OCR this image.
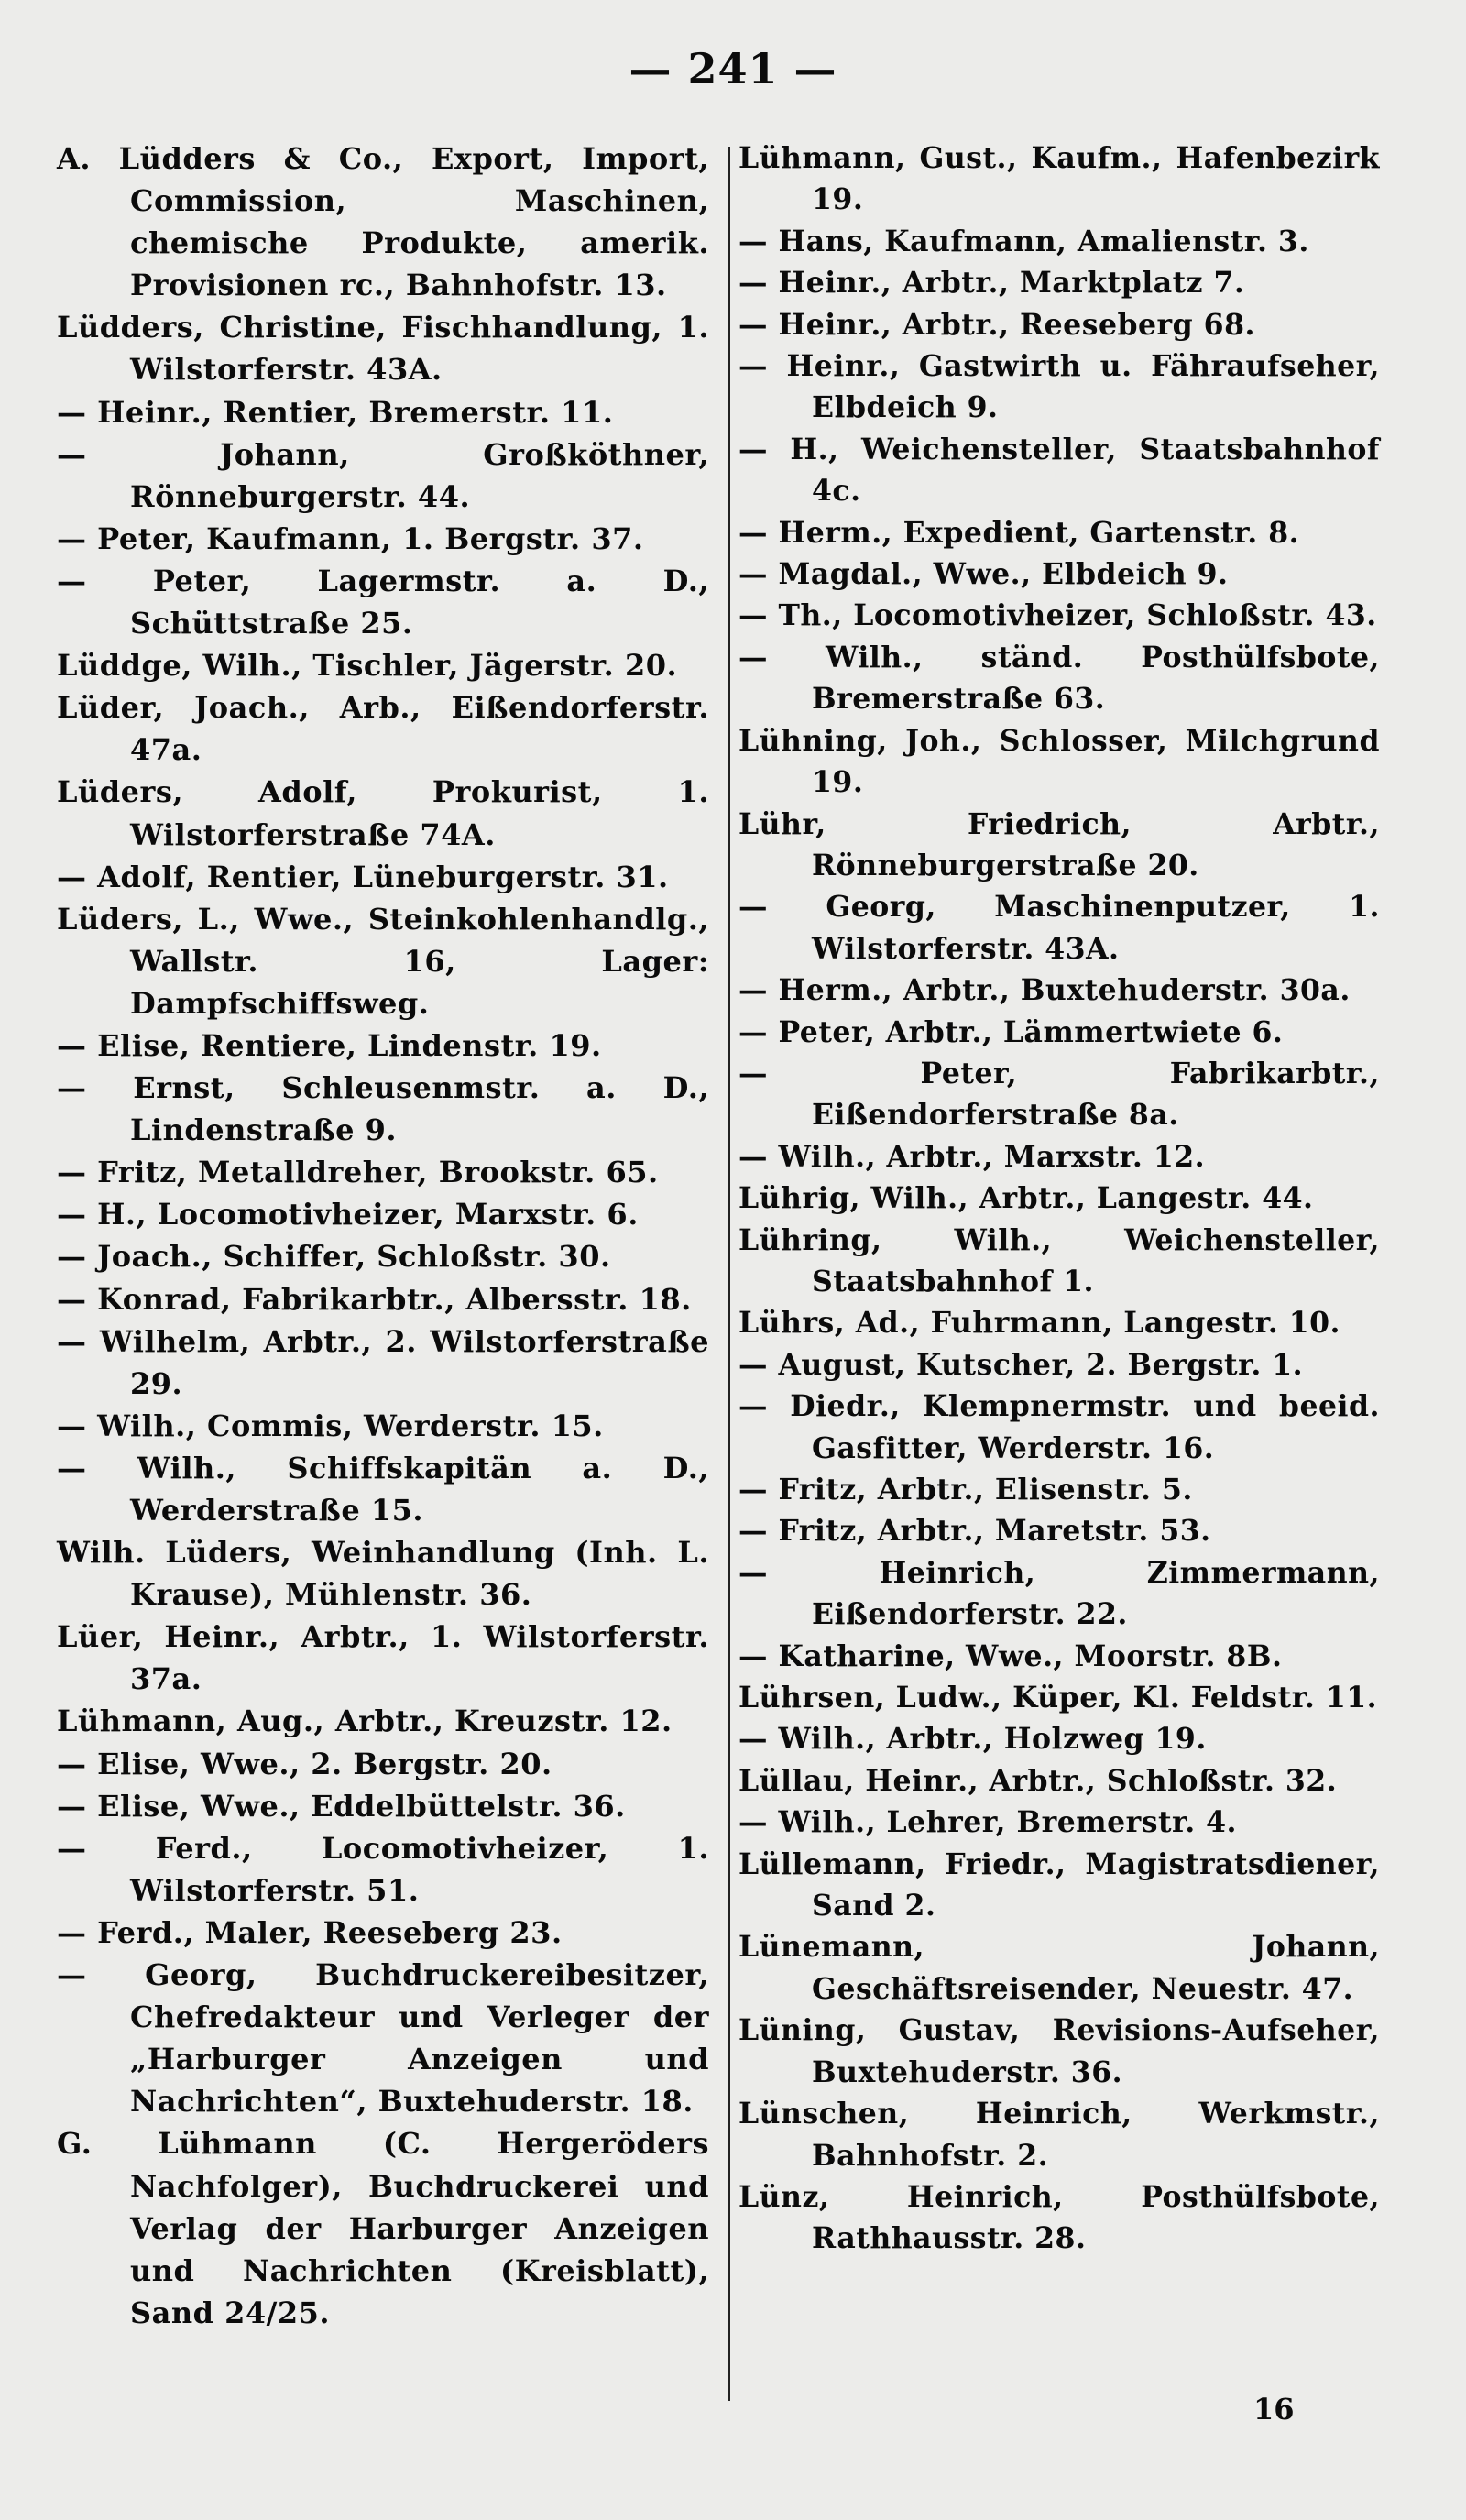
— 241 —
A. Lüdders & Co., Export, Import, Commission, Maschinen, chemische Produkte, amerik. Provisionen rc., Bahnhofstr. 13.
Lüdders, Christine, Fischhandlung, 1. Wilstorferstr. 43A.
— Heinr., Rentier, Bremerstr. 11.
— Johann, Großköthner, Rönneburgerstr. 44.
— Peter, Kaufmann, 1. Bergstr. 37.
— Peter, Lagermstr. a. D., Schüttstraße 25.
Lüddge, Wilh., Tischler, Jägerstr. 20.
Lüder, Joach., Arb., Eißendorferstr. 47a.
Lüders, Adolf, Prokurist, 1. Wilstorferstraße 74A.
— Adolf, Rentier, Lüneburgerstr. 31.
Lüders, L., Wwe., Steinkohlenhandlg., Wallstr. 16, Lager: Dampfschiffsweg.
— Elise, Rentiere, Lindenstr. 19.
— Ernst, Schleusenmstr. a. D., Lindenstraße 9.
— Fritz, Metalldreher, Brookstr. 65.
— H., Locomotivheizer, Marxstr. 6.
— Joach., Schiffer, Schloßstr. 30.
— Konrad, Fabrikarbtr., Albersstr. 18.
— Wilhelm, Arbtr., 2. Wilstorferstraße 29.
— Wilh., Commis, Werderstr. 15.
— Wilh., Schiffskapitän a. D., Werderstraße 15.
Wilh. Lüders, Weinhandlung (Inh. L. Krause), Mühlenstr. 36.
Lüer, Heinr., Arbtr., 1. Wilstorferstr. 37a.
Lühmann, Aug., Arbtr., Kreuzstr. 12.
— Elise, Wwe., 2. Bergstr. 20.
— Elise, Wwe., Eddelbüttelstr. 36.
— Ferd., Locomotivheizer, 1. Wilstorferstr. 51.
— Ferd., Maler, Reeseberg 23.
— Georg, Buchdruckereibesitzer, Chefredakteur und Verleger der „Harburger Anzeigen und Nachrichten“, Buxtehuderstr. 18.
G. Lühmann (C. Hergeröders Nachfolger), Buchdruckerei und Verlag der Harburger Anzeigen und Nachrichten (Kreisblatt), Sand 24/25.
Lühmann, Gust., Kaufm., Hafenbezirk 19.
— Hans, Kaufmann, Amalienstr. 3.
— Heinr., Arbtr., Marktplatz 7.
— Heinr., Arbtr., Reeseberg 68.
— Heinr., Gastwirth u. Fähraufseher, Elbdeich 9.
— H., Weichensteller, Staatsbahnhof 4c.
— Herm., Expedient, Gartenstr. 8.
— Magdal., Wwe., Elbdeich 9.
— Th., Locomotivheizer, Schloßstr. 43.
— Wilh., ständ. Posthülfsbote, Bremerstraße 63.
Lühning, Joh., Schlosser, Milchgrund 19.
Lühr, Friedrich, Arbtr., Rönneburgerstraße 20.
— Georg, Maschinenputzer, 1. Wilstorferstr. 43A.
— Herm., Arbtr., Buxtehuderstr. 30a.
— Peter, Arbtr., Lämmertwiete 6.
— Peter, Fabrikarbtr., Eißendorferstraße 8a.
— Wilh., Arbtr., Marxstr. 12.
Lührig, Wilh., Arbtr., Langestr. 44.
Lühring, Wilh., Weichensteller, Staatsbahnhof 1.
Lührs, Ad., Fuhrmann, Langestr. 10.
— August, Kutscher, 2. Bergstr. 1.
— Diedr., Klempnermstr. und beeid. Gasfitter, Werderstr. 16.
— Fritz, Arbtr., Elisenstr. 5.
— Fritz, Arbtr., Maretstr. 53.
— Heinrich, Zimmermann, Eißendorferstr. 22.
— Katharine, Wwe., Moorstr. 8B.
Lührsen, Ludw., Küper, Kl. Feldstr. 11.
— Wilh., Arbtr., Holzweg 19.
Lüllau, Heinr., Arbtr., Schloßstr. 32.
— Wilh., Lehrer, Bremerstr. 4.
Lüllemann, Friedr., Magistratsdiener, Sand 2.
Lünemann, Johann, Geschäftsreisender, Neuestr. 47.
Lüning, Gustav, Revisions-Aufseher, Buxtehuderstr. 36.
Lünschen, Heinrich, Werkmstr., Bahnhofstr. 2.
Lünz, Heinrich, Posthülfsbote, Rathhausstr. 28.
16
